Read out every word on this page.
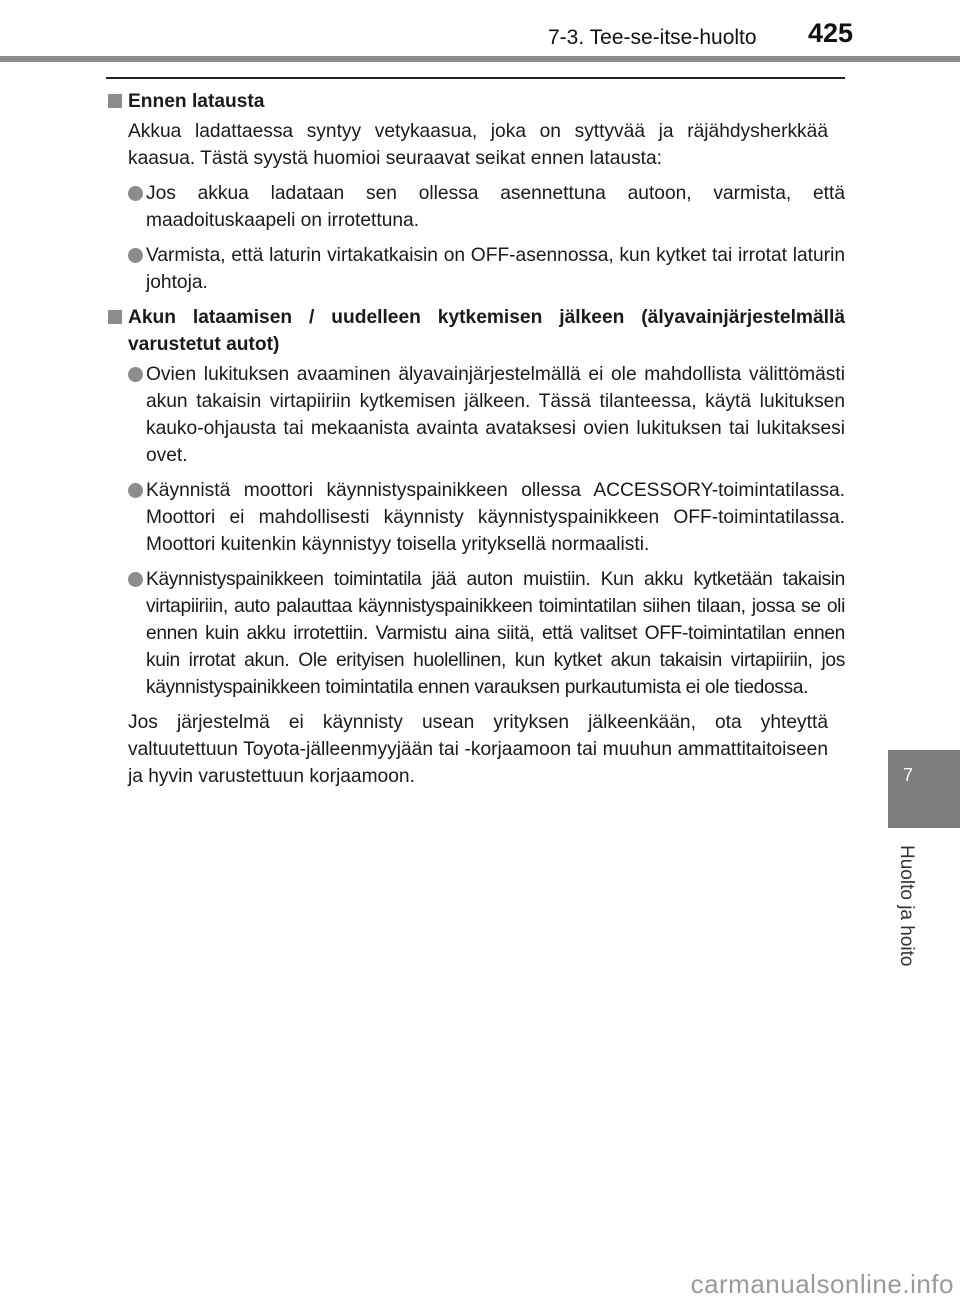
7-3. Tee-se-itse-huolto 425
7
Huolto ja hoito
Ennen latausta
Akkua ladattaessa syntyy vetykaasua, joka on syttyvää ja räjähdysherkkää kaasua. Tästä syystä huomioi seuraavat seikat ennen latausta:
Jos akkua ladataan sen ollessa asennettuna autoon, varmista, että maadoituskaapeli on irrotettuna.
Varmista, että laturin virtakatkaisin on OFF-asennossa, kun kytket tai irrotat laturin johtoja.
Akun lataamisen / uudelleen kytkemisen jälkeen (älyavainjärjestelmällä varustetut autot)
Ovien lukituksen avaaminen älyavainjärjestelmällä ei ole mahdollista välittömästi akun takaisin virtapiiriin kytkemisen jälkeen. Tässä tilanteessa, käytä lukituksen kauko-ohjausta tai mekaanista avainta avataksesi ovien lukituksen tai lukitaksesi ovet.
Käynnistä moottori käynnistyspainikkeen ollessa ACCESSORY-toimintatilassa. Moottori ei mahdollisesti käynnisty käynnistyspainikkeen OFF-toimintatilassa. Moottori kuitenkin käynnistyy toisella yrityksellä normaalisti.
Käynnistyspainikkeen toimintatila jää auton muistiin. Kun akku kytketään takaisin virtapiiriin, auto palauttaa käynnistyspainikkeen toimintatilan siihen tilaan, jossa se oli ennen kuin akku irrotettiin. Varmistu aina siitä, että valitset OFF-toimintatilan ennen kuin irrotat akun. Ole erityisen huolellinen, kun kytket akun takaisin virtapiiriin, jos käynnistyspainikkeen toimintatila ennen varauksen purkautumista ei ole tiedossa.
Jos järjestelmä ei käynnisty usean yrityksen jälkeenkään, ota yhteyttä valtuutettuun Toyota-jälleenmyyjään tai -korjaamoon tai muuhun ammattitaitoiseen ja hyvin varustettuun korjaamoon.
carmanualsonline.info
